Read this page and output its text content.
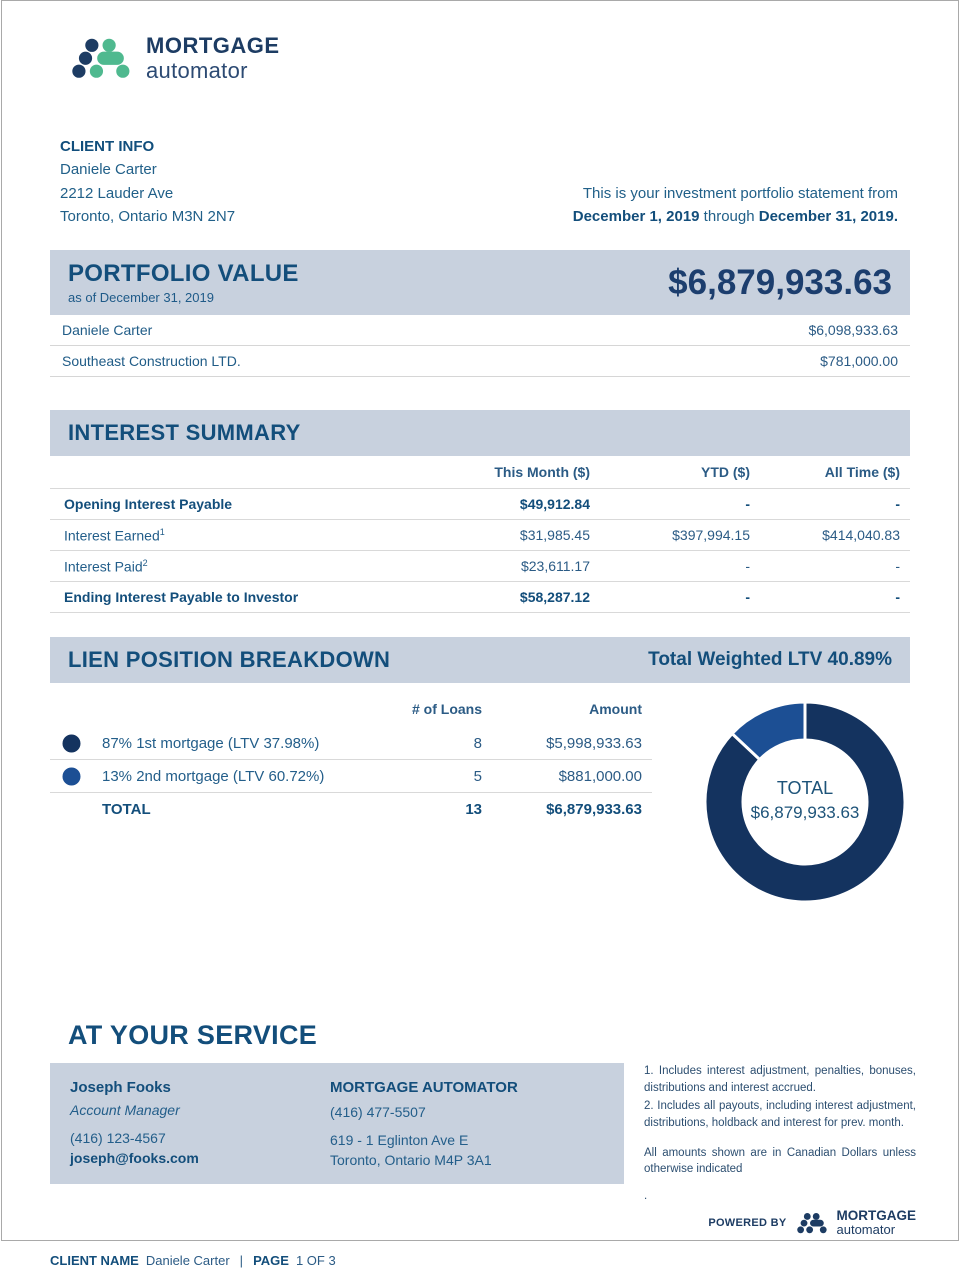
MORTGAGE
automator
CLIENT INFO
Daniele Carter
2212 Lauder Ave
Toronto, Ontario M3N 2N7
This is your investment portfolio statement from
December 1, 2019 through December 31, 2019.
PORTFOLIO VALUE
as of December 31, 2019	$6,879,933.63
Daniele Carter	$6,098,933.63
Southeast Construction LTD.	$781,000.00
INTEREST SUMMARY
This Month ($)	YTD ($)	All Time ($)
Opening Interest Payable	$49,912.84	-	-
Interest Earned$^1$	$31,985.45	$397,994.15	$414,040.83
Interest Paid$^2$	$23,611.17	-	-
Ending Interest Payable to Investor	$58,287.12	-	-
LIEN POSITION BREAKDOWN	Total Weighted LTV 40.89%
# of Loans	Amount
87% 1st mortgage (LTV 37.98%)	8	$5,998,933.63
13% 2nd mortgage (LTV 60.72%)	5	$881,000.00
TOTAL	13	$6,879,933.63
TOTAL
$6,879,933.63
AT YOUR SERVICE
Joseph Fooks
Account Manager
(416) 123-4567
joseph@fooks.com
MORTGAGE AUTOMATOR
(416) 477-5507
619 - 1 Eglinton Ave E
Toronto, Ontario M4P 3A1
1. Includes interest adjustment, penalties, bonuses, distributions and interest accrued.
2. Includes all payouts, including interest adjustment, distributions, holdback and interest for prev. month.
All amounts shown are in Canadian Dollars unless otherwise indicated
.
POWERED BY	MORTGAGE
automator
CLIENT NAME Daniele Carter | PAGE 1 OF 3
